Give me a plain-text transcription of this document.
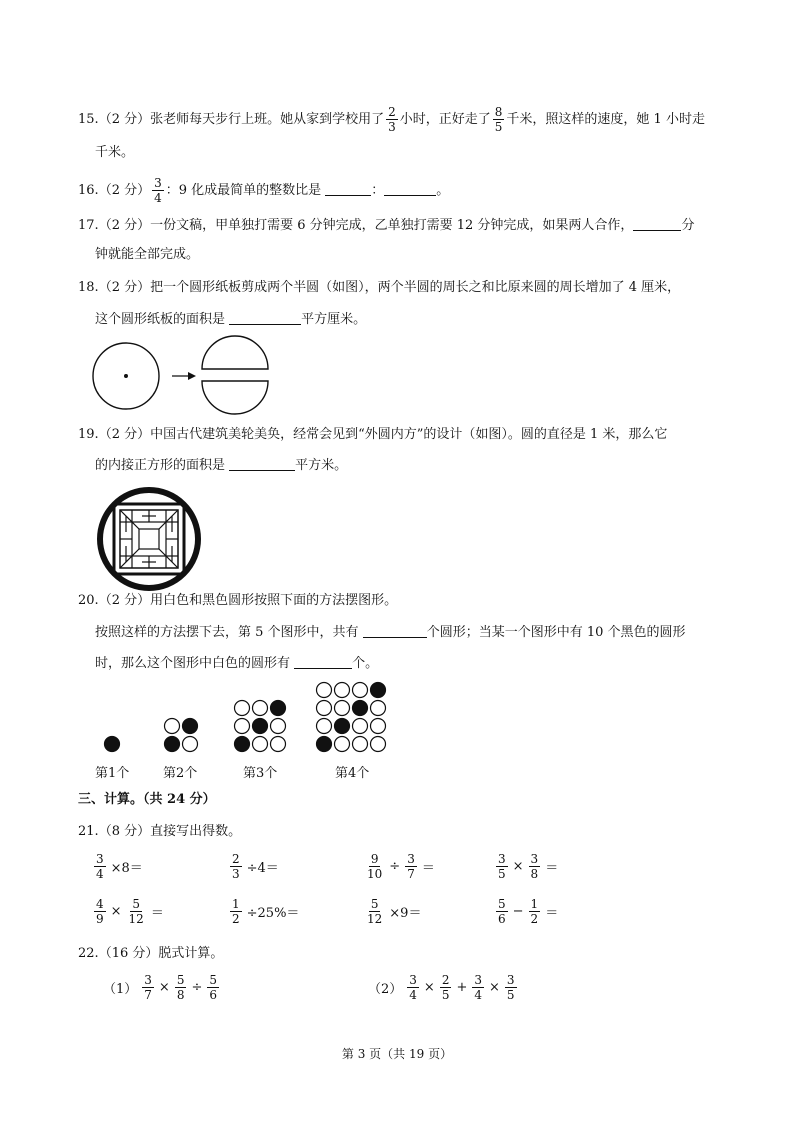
15.（2 分）张老师每天步行上班。她从家到学校用了 $\frac{2}{3}$ 小时，正好走了 $\frac{8}{5}$ 千米，照这样的速度，她 1 小时走
千米。
16.（2 分） $\frac{3}{4}$ ：9 化成最简单的整数比是	：	。
17.（2 分）一份文稿，甲单独打需要 6 分钟完成，乙单独打需要 12 分钟完成，如果两人合作，	分
钟就能全部完成。
18.（2 分）把一个圆形纸板剪成两个半圆（如图），两个半圆的周长之和比原来圆的周长增加了 4 厘米，
这个圆形纸板的面积是	平方厘米。
19.（2 分）中国古代建筑美轮美奂，经常会见到“外圆内方”的设计（如图）。圆的直径是 1 米，那么它
的内接正方形的面积是	平方米。
20.（2 分）用白色和黑色圆形按照下面的方法摆图形。
按照这样的方法摆下去，第 5 个图形中，共有	个圆形；当某一个图形中有 10 个黑色的圆形
时，那么这个图形中白色的圆形有	个。
第1个	第2个	第3个	第4个
三、计算。（共 24 分）
21.（8 分）直接写出得数。
$\frac{3}{4} \times 8=$	$\frac{2}{3} \div 4=$	$\frac{9}{10} \div \frac{3}{7}$ ＝	$\frac{3}{5} \times \frac{3}{8}$ ＝
$\frac{4}{9} \times \frac{5}{12}$ ＝	$\frac{1}{2} \div 25\%=$	$\frac{5}{12} \times 9=$	$\frac{5}{6} - \frac{1}{2}$ ＝
22.（16 分）脱式计算。
$(1) \frac{3}{7} \times \frac{5}{8} \div \frac{5}{6}$	$(2) \frac{3}{4} \times \frac{2}{5} + \frac{3}{4} \times \frac{3}{5}$
第 3 页（共 19 页）
